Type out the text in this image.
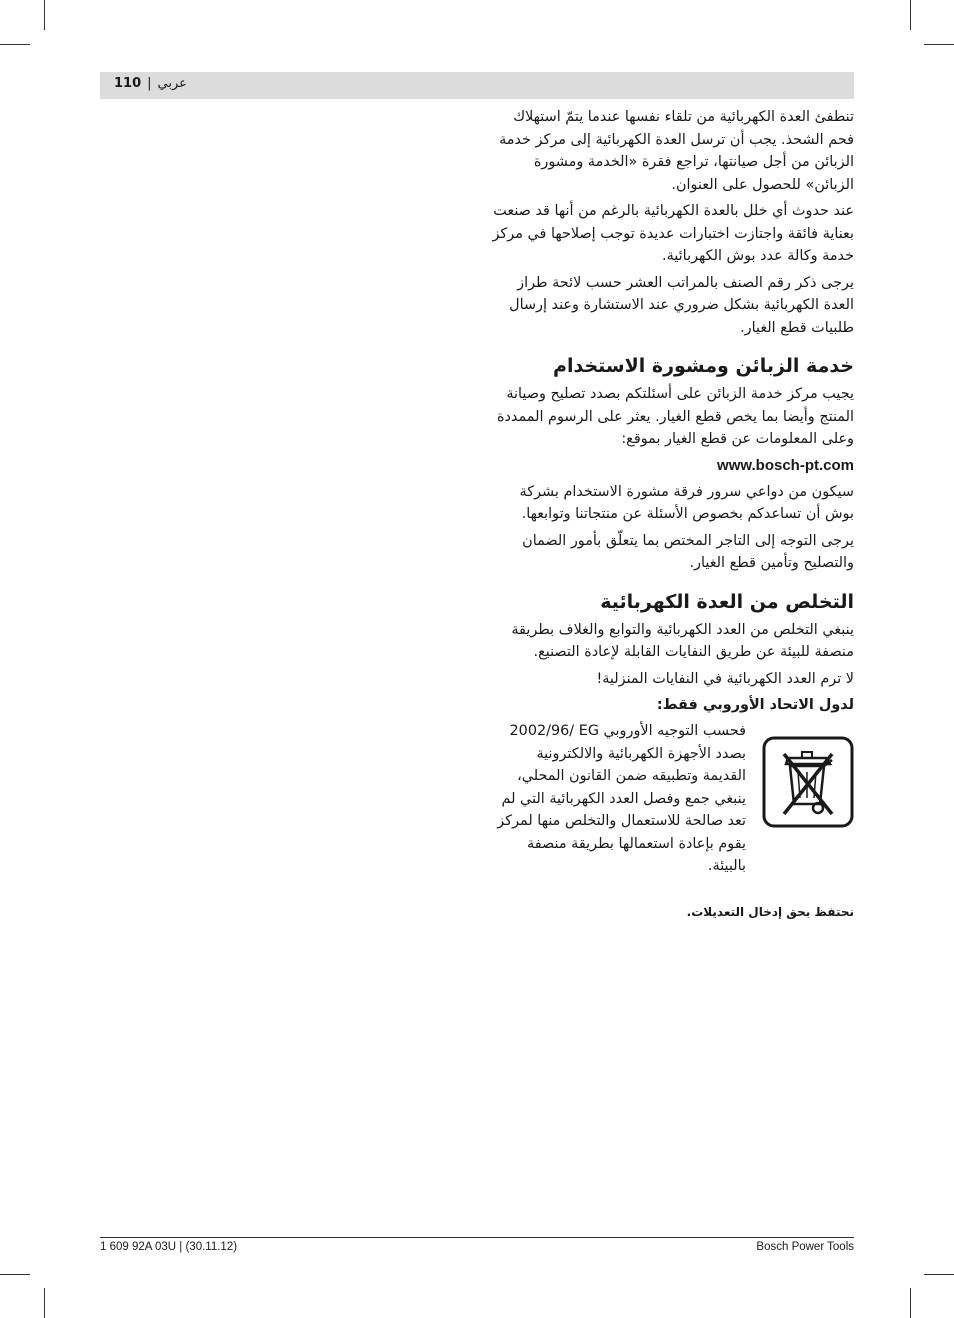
110 | عربي

تنطفئ العدة الكهربائية من تلقاء نفسها عندما يتمّ استهلاك فحم الشحذ. يجب أن ترسل العدة الكهربائية إلى مركز خدمة الزبائن من أجل صيانتها، تراجع فقرة «الخدمة ومشورة الزبائن» للحصول على العنوان.

عند حدوث أي خلل بالعدة الكهربائية بالرغم من أنها قد صنعت بعناية فائقة واجتازت اختبارات عديدة توجب إصلاحها في مركز خدمة وكالة عدد بوش الكهربائية.

يرجى ذكر رقم الصنف بالمراتب العشر حسب لائحة طراز العدة الكهربائية بشكل ضروري عند الاستشارة وعند إرسال طلبيات قطع الغيار.

خدمة الزبائن ومشورة الاستخدام

يجيب مركز خدمة الزبائن على أسئلتكم بصدد تصليح وصيانة المنتج وأيضا بما يخص قطع الغيار. يعثر على الرسوم الممددة وعلى المعلومات عن قطع الغيار بموقع:

www.bosch-pt.com

سيكون من دواعي سرور فرقة مشورة الاستخدام بشركة بوش أن تساعدكم بخصوص الأسئلة عن منتجاتنا وتوابعها.

يرجى التوجه إلى التاجر المختص بما يتعلّق بأمور الضمان والتصليح وتأمين قطع الغيار.

التخلص من العدة الكهربائية

ينبغي التخلص من العدد الكهربائية والتوابع والغلاف بطريقة منصفة للبيئة عن طريق النفايات القابلة لإعادة التصنيع.

لا ترم العدد الكهربائية في النفايات المنزلية!

لدول الاتحاد الأوروبي فقط:
فحسب التوجيه الأوروبي ‎2002/96/‎ EG بصدد الأجهزة الكهربائية والالكترونية القديمة وتطبيقه ضمن القانون المحلي، ينبغي جمع وفصل العدد الكهربائية التي لم تعد صالحة للاستعمال والتخلص منها لمركز يقوم بإعادة استعمالها بطريقة منصفة بالبيئة.
نحتفظ بحق إدخال التعديلات.
1 609 92A 03U | (30.11.12)	Bosch Power Tools
